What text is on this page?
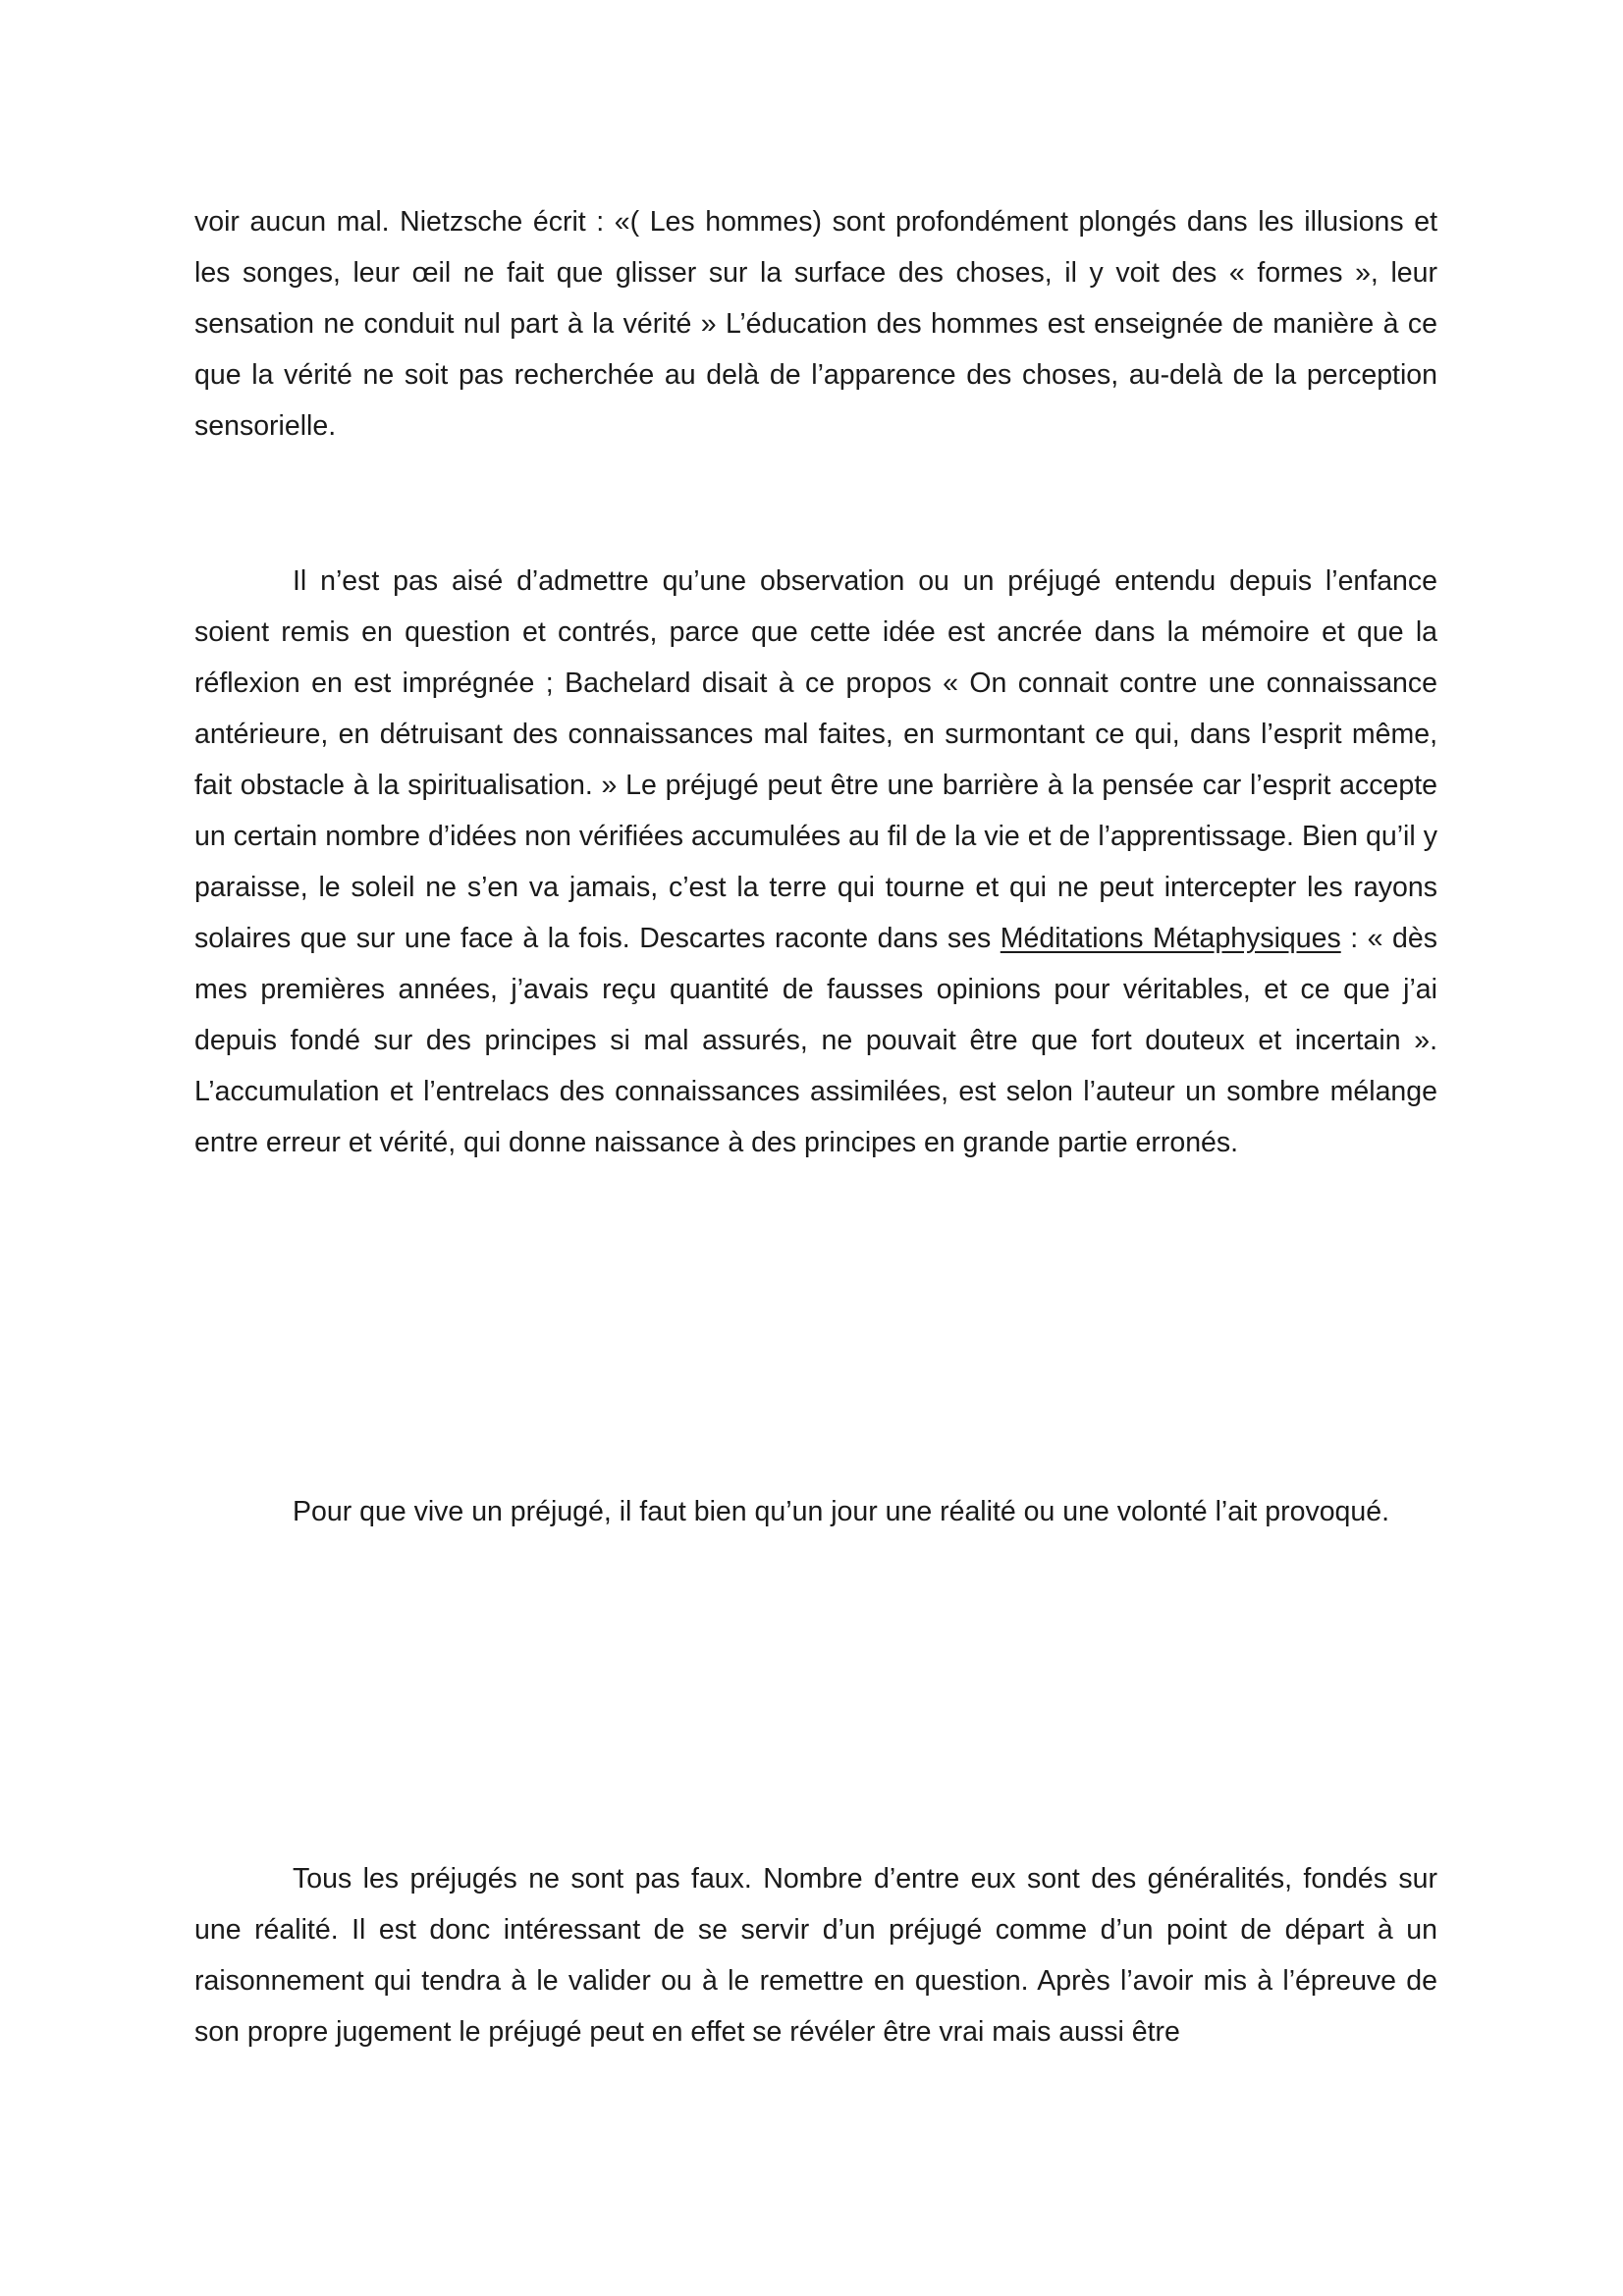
voir aucun mal. Nietzsche écrit : «( Les hommes) sont profondément plongés dans les illusions et les songes, leur œil ne fait que glisser sur la surface des choses, il y voit des « formes », leur sensation ne conduit nul part à la vérité » L’éducation des hommes est enseignée de manière à ce que la vérité ne soit pas recherchée au delà de l’apparence des choses, au-delà de la perception sensorielle.

Il n’est pas aisé d’admettre qu’une observation ou un préjugé entendu depuis l’enfance soient remis en question et contrés, parce que cette idée est ancrée dans la mémoire et que la réflexion en est imprégnée ; Bachelard disait à ce propos « On connait contre une connaissance antérieure, en détruisant des connaissances mal faites, en surmontant ce qui, dans l’esprit même, fait obstacle à la spiritualisation. » Le préjugé peut être une barrière à la pensée car l’esprit accepte un certain nombre d’idées non vérifiées accumulées au fil de la vie et de l’apprentissage. Bien qu’il y paraisse, le soleil ne s’en va jamais, c’est la terre qui tourne et qui ne peut intercepter les rayons solaires que sur une face à la fois. Descartes raconte dans ses Méditations Métaphysiques : « dès mes premières années, j’avais reçu quantité de fausses opinions pour véritables, et ce que j’ai depuis fondé sur des principes si mal assurés, ne pouvait être que fort douteux et incertain ». L’accumulation et l’entrelacs des connaissances assimilées, est selon l’auteur un sombre mélange entre erreur et vérité, qui donne naissance à des principes en grande partie erronés.

Pour que vive un préjugé, il faut bien qu’un jour une réalité ou une volonté l’ait provoqué.

Tous les préjugés ne sont pas faux. Nombre d’entre eux sont des généralités, fondés sur une réalité. Il est donc intéressant de se servir d’un préjugé comme d’un point de départ à un raisonnement qui tendra à le valider ou à le remettre en question. Après l’avoir mis à l’épreuve de son propre jugement le préjugé peut en effet se révéler être vrai mais aussi être
